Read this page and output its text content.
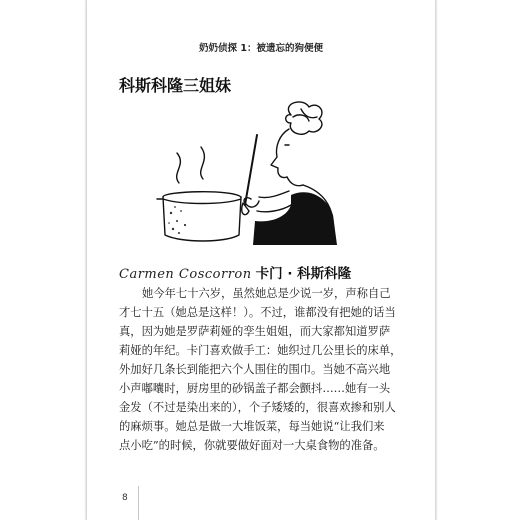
奶奶侦探 1：被遗忘的狗便便
科斯科隆三姐妹
Carmen Coscorron 卡门 · 科斯科隆
她今年七十六岁，虽然她总是少说一岁，声称自己
才七十五（她总是这样！）。不过，谁都没有把她的话当
真，因为她是罗萨莉娅的孪生姐姐，而大家都知道罗萨
莉娅的年纪。卡门喜欢做手工：她织过几公里长的床单，
外加好几条长到能把六个人围住的围巾。当她不高兴地
小声嘟囔时，厨房里的砂锅盖子都会颤抖……她有一头
金发（不过是染出来的），个子矮矮的，很喜欢掺和别人
的麻烦事。她总是做一大堆饭菜，每当她说“让我们来
点小吃”的时候，你就要做好面对一大桌食物的准备。
8
